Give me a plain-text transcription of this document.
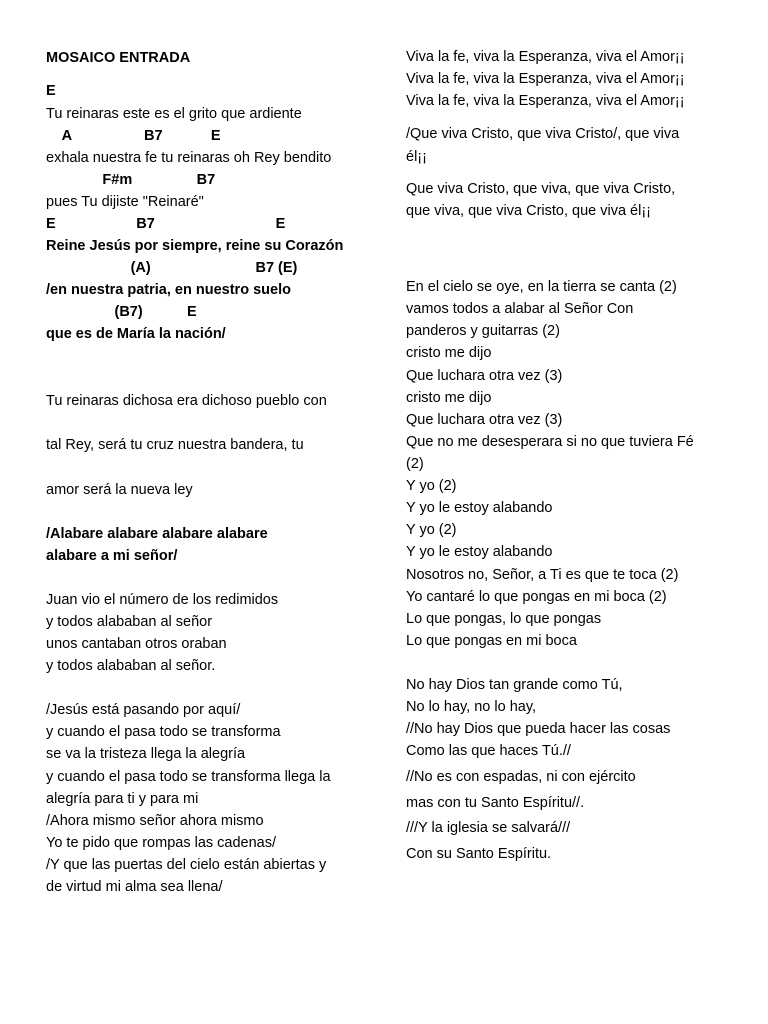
MOSAICO ENTRADA
E
Tu reinaras este es el grito que ardiente
A                  B7            E
exhala nuestra fe tu reinaras oh Rey bendito
F#m                B7
pues Tu dijiste "Reinaré"
E                    B7                              E
Reine Jesús por siempre, reine su Corazón
(A)                          B7 (E)
/en nuestra patria, en nuestro suelo
(B7)           E
que es de María la nación/
Tu reinaras dichosa era dichoso pueblo con
tal Rey, será tu cruz nuestra bandera, tu
amor será la nueva ley
/Alabare alabare alabare alabare
alabare a mi señor/
Juan vio el número de los redimidos
y todos alababan al señor
unos cantaban otros oraban
y todos alababan al señor.
/Jesús está pasando por aquí/
y cuando el pasa todo se transforma
se va la tristeza llega la alegría
y cuando el pasa todo se transforma llega la
alegría para ti y para mi
/Ahora mismo señor ahora mismo
Yo te pido que rompas las cadenas/
/Y que las puertas del cielo están abiertas y
de virtud mi alma sea llena/
Viva la fe, viva la Esperanza, viva el Amor¡¡
Viva la fe, viva la Esperanza, viva el Amor¡¡
Viva la fe, viva la Esperanza, viva el Amor¡¡
/Que viva Cristo, que viva Cristo/, que viva
él¡¡
Que viva Cristo, que viva, que viva Cristo,
que viva, que viva Cristo, que viva él¡¡
En el cielo se oye, en la tierra se canta (2)
vamos todos a alabar al Señor Con
panderos y guitarras (2)
cristo me dijo
Que luchara otra vez (3)
cristo me dijo
Que luchara otra vez (3)
Que no me desesperara si no que tuviera Fé
(2)
Y yo (2)
Y yo le estoy alabando
Y yo (2)
Y yo le estoy alabando
Nosotros no, Señor, a Ti es que te toca (2)
Yo cantaré lo que pongas en mi boca (2)
Lo que pongas, lo que pongas
Lo que pongas en mi boca
No hay Dios tan grande como Tú,
No lo hay, no lo hay,
//No hay Dios que pueda hacer las cosas
Como las que haces Tú.//
//No es con espadas, ni con ejército
mas con tu Santo Espíritu//.
///Y la iglesia se salvará///
Con su Santo Espíritu.
